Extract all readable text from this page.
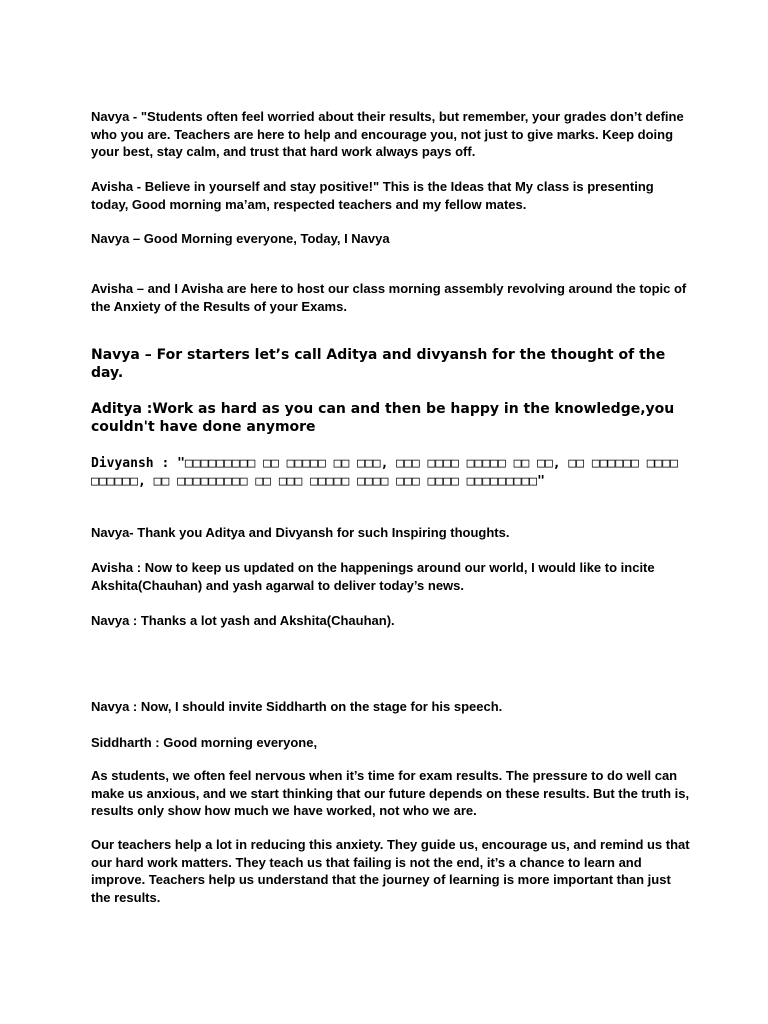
Navya - "Students often feel worried about their results, but remember, your grades don’t define who you are. Teachers are here to help and encourage you, not just to give marks. Keep doing your best, stay calm, and trust that hard work always pays off.

Avisha - Believe in yourself and stay positive!" This is the Ideas that My class is presenting today, Good morning ma’am, respected teachers and my fellow mates.

Navya – Good Morning everyone, Today, I Navya

Avisha – and I Avisha are here to host our class morning assembly revolving around the topic of the Anxiety of the Results of your Exams.

Navya – For starters let’s call Aditya and divyansh for the thought of the day.

Aditya :Work as hard as you can and then be happy in the knowledge,you couldn't have done anymore

Divyansh : "□□□□□□□□□ □□ □□□□□ □□ □□□, □□□ □□□□ □□□□□ □□ □□, □□ □□□□□□ □□□□ □□□□□□, □□ □□□□□□□□□ □□ □□□ □□□□□ □□□□ □□□ □□□□ □□□□□□□□□"

Navya- Thank you Aditya and Divyansh for such Inspiring thoughts.

Avisha : Now to keep us updated on the happenings around our world, I would like to incite Akshita(Chauhan) and yash agarwal to deliver today’s news.

Navya : Thanks a lot yash and Akshita(Chauhan).

Navya : Now, I should invite Siddharth on the stage for his speech.

Siddharth : Good morning everyone,

As students, we often feel nervous when it’s time for exam results. The pressure to do well can make us anxious, and we start thinking that our future depends on these results. But the truth is, results only show how much we have worked, not who we are.

Our teachers help a lot in reducing this anxiety. They guide us, encourage us, and remind us that our hard work matters. They teach us that failing is not the end, it’s a chance to learn and improve. Teachers help us understand that the journey of learning is more important than just the results.
